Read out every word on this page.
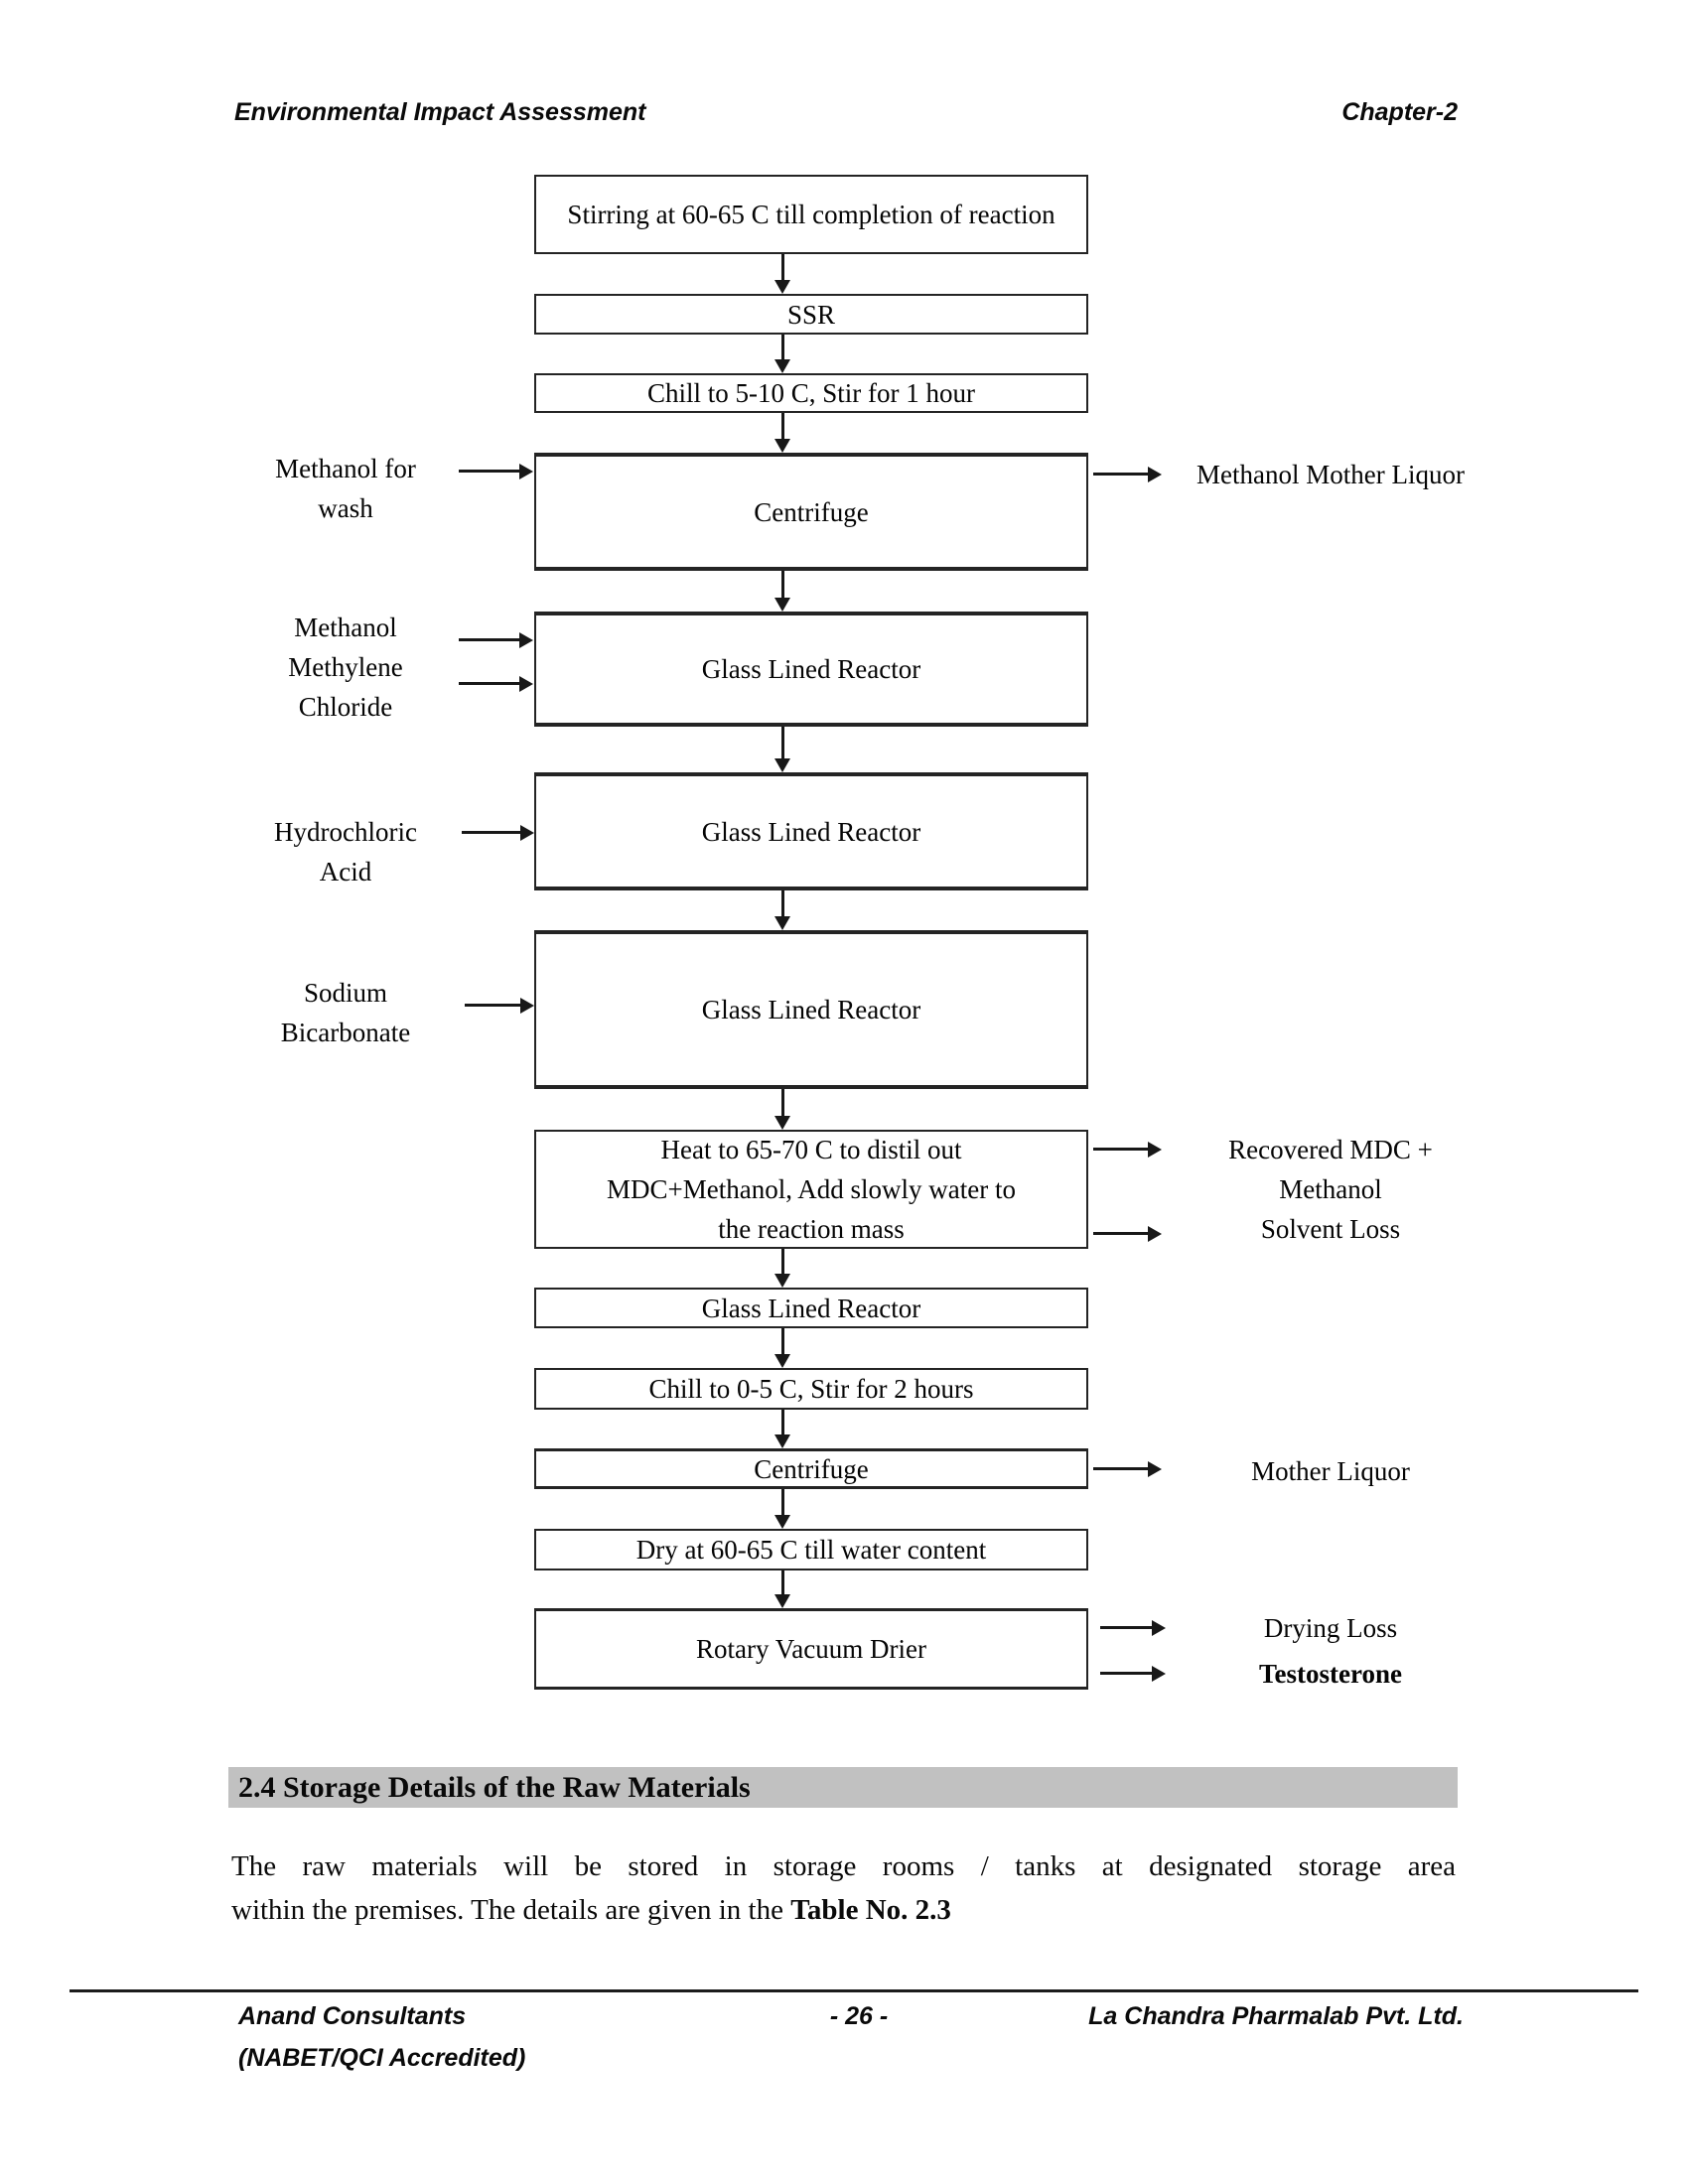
Environmental Impact Assessment	Chapter-2
Stirring at 60-65 C till completion of reaction
SSR
Chill to 5-10 C, Stir for 1 hour
Centrifuge
Glass Lined Reactor
Glass Lined Reactor
Glass Lined Reactor
Heat to 65-70 C to distil out
MDC+Methanol, Add slowly water to
the reaction mass
Glass Lined Reactor
Chill to 0-5 C, Stir for 2 hours
Centrifuge
Dry at 60-65 C till water content
Rotary Vacuum Drier
Methanol for wash
Methanol
Methylene Chloride
Hydrochloric Acid
Sodium Bicarbonate
Methanol Mother Liquor
Recovered MDC + Methanol
Solvent Loss
Mother Liquor
Drying Loss
Testosterone
2.4 Storage Details of the Raw Materials
The raw materials will be stored in storage rooms / tanks at designated storage area
within the premises. The details are given in the Table No. 2.3
Anand Consultants
(NABET/QCI Accredited)
- 26 -	La Chandra Pharmalab Pvt. Ltd.
